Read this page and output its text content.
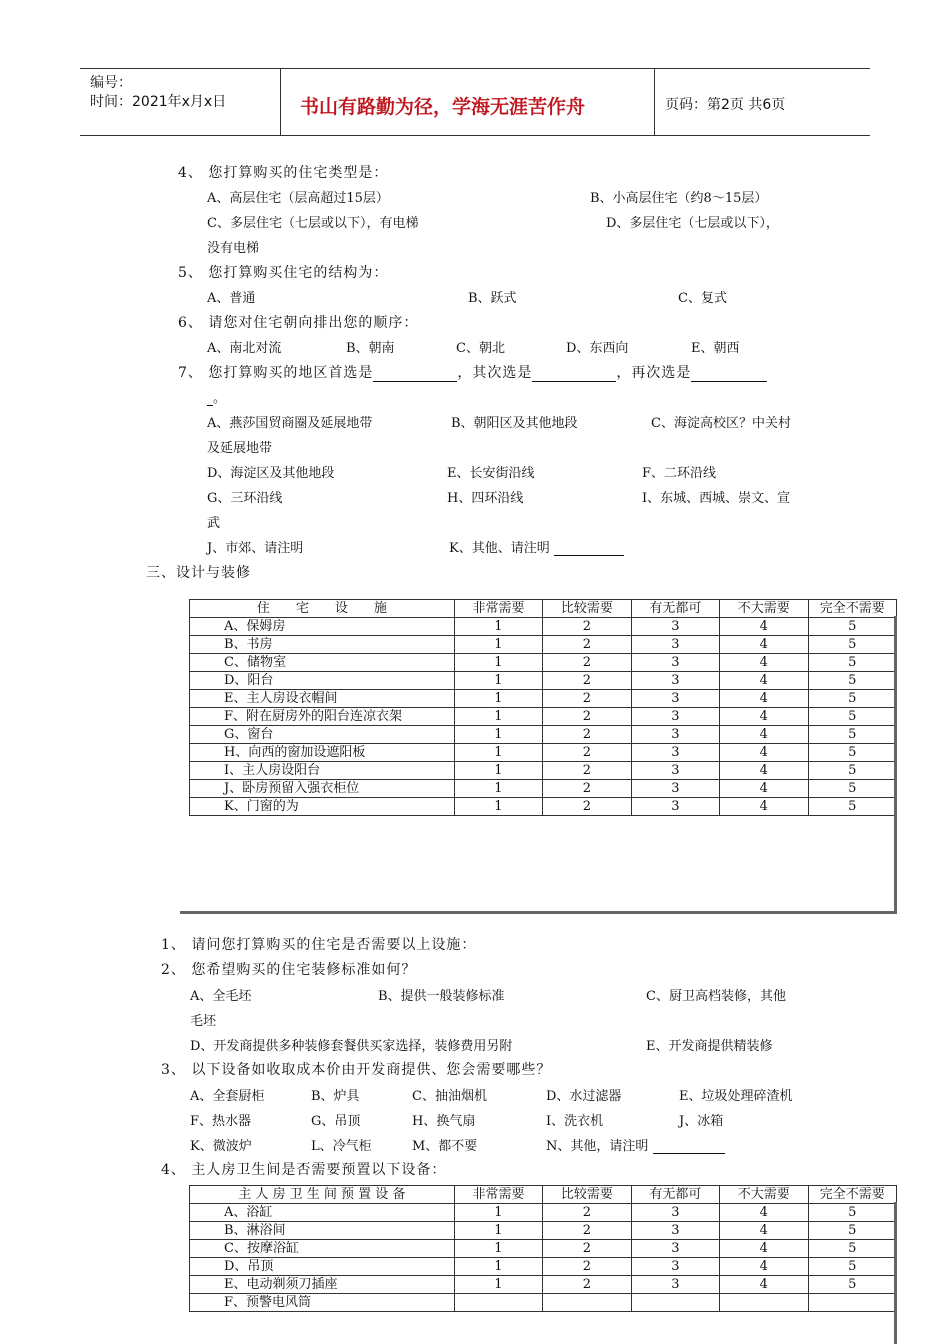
编号：
时间：2021年x月x日	书山有路勤为径，学海无涯苦作舟	页码：第2页 共6页
4、 您打算购买的住宅类型是：
A、高层住宅（层高超过15层）	B、小高层住宅（约8～15层）
C、多层住宅（七层或以下），有电梯	D、多层住宅（七层或以下），
没有电梯
5、 您打算购买住宅的结构为：
A、普通	B、跃式	C、复式
6、 请您对住宅朝向排出您的顺序：
A、南北对流	B、朝南	C、朝北	D、东西向	E、朝西
7、 您打算购买的地区首选是	，其次选是	，再次选是
。
A、燕莎国贸商圈及延展地带	B、朝阳区及其他地段	C、海淀高校区？中关村
及延展地带
D、海淀区及其他地段	E、长安街沿线	F、二环沿线
G、三环沿线	H、四环沿线	I、东城、西城、崇文、宣
武
J、市郊、请注明	K、其他、请注明
三、设计与装修
住　　宅　　设　　施	非常需要	比较需要	有无都可	不大需要	完全不需要
A、保姆房	1	2	3	4	5
B、书房	1	2	3	4	5
C、储物室	1	2	3	4	5
D、阳台	1	2	3	4	5
E、主人房设衣帽间	1	2	3	4	5
F、附在厨房外的阳台连凉衣架	1	2	3	4	5
G、窗台	1	2	3	4	5
H、向西的窗加设遮阳板	1	2	3	4	5
I、主人房设阳台	1	2	3	4	5
J、卧房预留入强衣柜位	1	2	3	4	5
K、门窗的为	1	2	3	4	5
1、 请问您打算购买的住宅是否需要以上设施：
2、 您希望购买的住宅装修标准如何？
A、全毛坯	B、提供一般装修标准	C、厨卫高档装修，其他
毛坯
D、开发商提供多种装修套餐供买家选择，装修费用另附	E、开发商提供精装修
3、 以下设备如收取成本价由开发商提供、您会需要哪些？
A、全套厨柜	B、炉具	C、抽油烟机	D、水过滤器	E、垃圾处理碎渣机
F、热水器	G、吊顶	H、换气扇	I、洗衣机	J、冰箱
K、微波炉	L、冷气柜	M、都不要	N、其他，请注明
4、 主人房卫生间是否需要预置以下设备：
主 人 房 卫 生 间 预 置 设 备	非常需要	比较需要	有无都可	不大需要	完全不需要
A、浴缸	1	2	3	4	5
B、淋浴间	1	2	3	4	5
C、按摩浴缸	1	2	3	4	5
D、吊顶	1	2	3	4	5
E、电动剃须刀插座	1	2	3	4	5
F、预警电风筒					
